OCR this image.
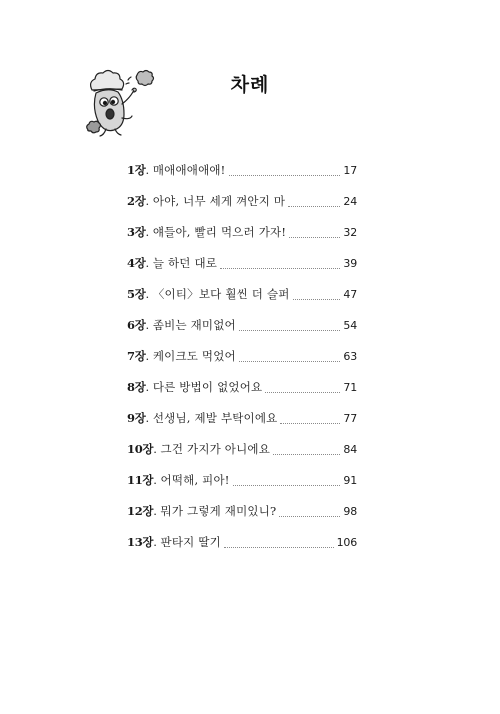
차례
1장 . 매애애애애애!	17
2장 . 아야, 너무 세게 껴안지 마	24
3장 . 얘들아, 빨리 먹으러 가자!	32
4장 . 늘 하던 대로	39
5장 . 〈이티〉보다 훨씬 더 슬퍼	47
6장 . 좀비는 재미없어	54
7장 . 케이크도 먹었어	63
8장 . 다른 방법이 없었어요	71
9장 . 선생님, 제발 부탁이에요	77
10장 . 그건 가지가 아니에요	84
11장 . 어떡해, 피아!	91
12장 . 뭐가 그렇게 재미있니?	98
13장 . 판타지 딸기	106
